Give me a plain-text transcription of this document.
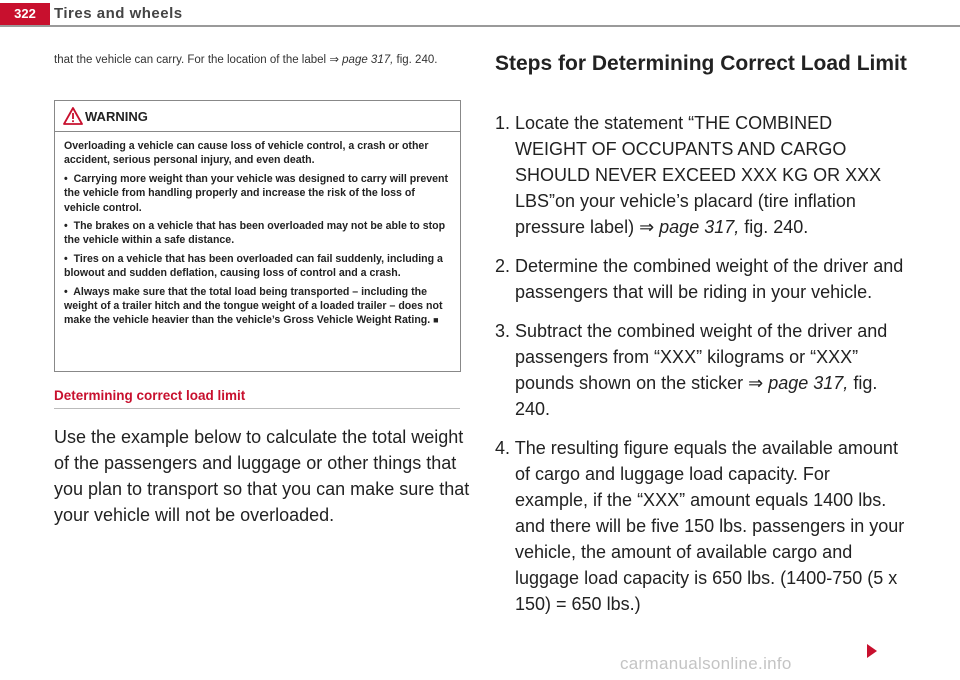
322	Tires and wheels
that the vehicle can carry. For the location of the label ⇒ page 317, fig. 240.
WARNING

Overloading a vehicle can cause loss of vehicle control, a crash or other accident, serious personal injury, and even death.

• Carrying more weight than your vehicle was designed to carry will prevent the vehicle from handling properly and increase the risk of the loss of vehicle control.

• The brakes on a vehicle that has been overloaded may not be able to stop the vehicle within a safe distance.

• Tires on a vehicle that has been overloaded can fail suddenly, including a blowout and sudden deflation, causing loss of control and a crash.

• Always make sure that the total load being transported – including the weight of a trailer hitch and the tongue weight of a loaded trailer – does not make the vehicle heavier than the vehicle’s Gross Vehicle Weight Rating. ■

Determining correct load limit
Use the example below to calculate the total weight of the passengers and luggage or other things that you plan to transport so that you can make sure that your vehicle will not be overloaded.
Steps for Determining Correct Load Limit
1. Locate the statement “THE COMBINED WEIGHT OF OCCUPANTS AND CARGO SHOULD NEVER EXCEED XXX KG OR XXX LBS”on your vehicle’s placard (tire inflation pressure label) ⇒ page 317, fig. 240.
2. Determine the combined weight of the driver and passengers that will be riding in your vehicle.
3. Subtract the combined weight of the driver and passengers from “XXX” kilograms or “XXX” pounds shown on the sticker ⇒ page 317, fig. 240.
4. The resulting figure equals the available amount of cargo and luggage load capacity. For example, if the “XXX” amount equals 1400 lbs. and there will be five 150 lbs. passengers in your vehicle, the amount of available cargo and luggage load capacity is 650 lbs. (1400-750 (5 x 150) = 650 lbs.)
carmanualsonline.info
